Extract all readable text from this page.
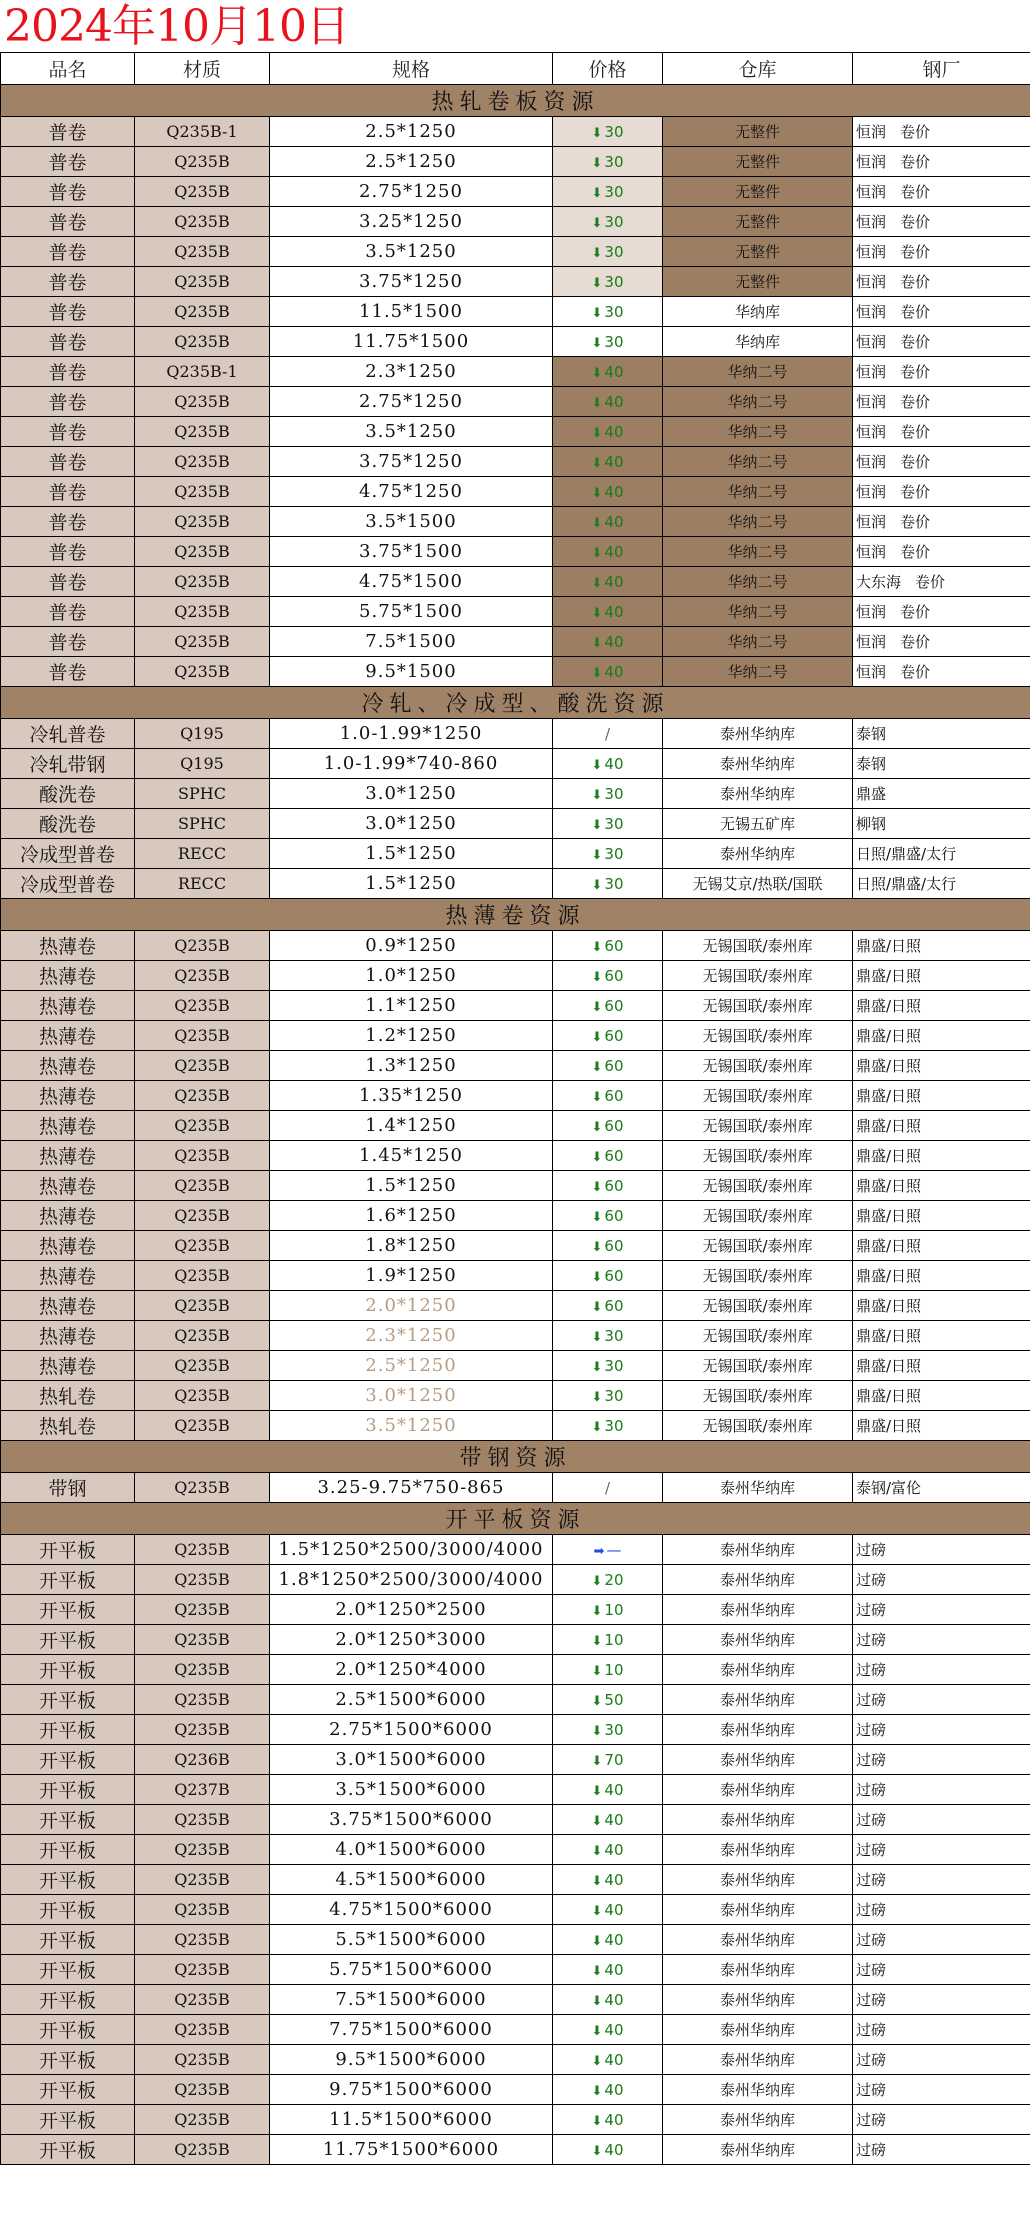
2024年10月10日
品名	材质	规格	价格	仓库	钢厂
热轧卷板资源					
普卷	Q235B-1	2.5*1250	⬇ 30	无整件	恒润 卷价
普卷	Q235B	2.5*1250	⬇ 30	无整件	恒润 卷价
普卷	Q235B	2.75*1250	⬇ 30	无整件	恒润 卷价
普卷	Q235B	3.25*1250	⬇ 30	无整件	恒润 卷价
普卷	Q235B	3.5*1250	⬇ 30	无整件	恒润 卷价
普卷	Q235B	3.75*1250	⬇ 30	无整件	恒润 卷价
普卷	Q235B	11.5*1500	⬇ 30	华纳库	恒润 卷价
普卷	Q235B	11.75*1500	⬇ 30	华纳库	恒润 卷价
普卷	Q235B-1	2.3*1250	⬇ 40	华纳二号	恒润 卷价
普卷	Q235B	2.75*1250	⬇ 40	华纳二号	恒润 卷价
普卷	Q235B	3.5*1250	⬇ 40	华纳二号	恒润 卷价
普卷	Q235B	3.75*1250	⬇ 40	华纳二号	恒润 卷价
普卷	Q235B	4.75*1250	⬇ 40	华纳二号	恒润 卷价
普卷	Q235B	3.5*1500	⬇ 40	华纳二号	恒润 卷价
普卷	Q235B	3.75*1500	⬇ 40	华纳二号	恒润 卷价
普卷	Q235B	4.75*1500	⬇ 40	华纳二号	大东海 卷价
普卷	Q235B	5.75*1500	⬇ 40	华纳二号	恒润 卷价
普卷	Q235B	7.5*1500	⬇ 40	华纳二号	恒润 卷价
普卷	Q235B	9.5*1500	⬇ 40	华纳二号	恒润 卷价
冷轧、冷成型、酸洗资源					
冷轧普卷	Q195	1.0-1.99*1250	/	泰州华纳库	泰钢
冷轧带钢	Q195	1.0-1.99*740-860	⬇ 40	泰州华纳库	泰钢
酸洗卷	SPHC	3.0*1250	⬇ 30	泰州华纳库	鼎盛
酸洗卷	SPHC	3.0*1250	⬇ 30	无锡五矿库	柳钢
冷成型普卷	RECC	1.5*1250	⬇ 30	泰州华纳库	日照/鼎盛/太行
冷成型普卷	RECC	1.5*1250	⬇ 30	无锡艾京/热联/国联	日照/鼎盛/太行
热薄卷资源					
热薄卷	Q235B	0.9*1250	⬇ 60	无锡国联/泰州库	鼎盛/日照
热薄卷	Q235B	1.0*1250	⬇ 60	无锡国联/泰州库	鼎盛/日照
热薄卷	Q235B	1.1*1250	⬇ 60	无锡国联/泰州库	鼎盛/日照
热薄卷	Q235B	1.2*1250	⬇ 60	无锡国联/泰州库	鼎盛/日照
热薄卷	Q235B	1.3*1250	⬇ 60	无锡国联/泰州库	鼎盛/日照
热薄卷	Q235B	1.35*1250	⬇ 60	无锡国联/泰州库	鼎盛/日照
热薄卷	Q235B	1.4*1250	⬇ 60	无锡国联/泰州库	鼎盛/日照
热薄卷	Q235B	1.45*1250	⬇ 60	无锡国联/泰州库	鼎盛/日照
热薄卷	Q235B	1.5*1250	⬇ 60	无锡国联/泰州库	鼎盛/日照
热薄卷	Q235B	1.6*1250	⬇ 60	无锡国联/泰州库	鼎盛/日照
热薄卷	Q235B	1.8*1250	⬇ 60	无锡国联/泰州库	鼎盛/日照
热薄卷	Q235B	1.9*1250	⬇ 60	无锡国联/泰州库	鼎盛/日照
热薄卷	Q235B	2.0*1250	⬇ 60	无锡国联/泰州库	鼎盛/日照
热薄卷	Q235B	2.3*1250	⬇ 30	无锡国联/泰州库	鼎盛/日照
热薄卷	Q235B	2.5*1250	⬇ 30	无锡国联/泰州库	鼎盛/日照
热轧卷	Q235B	3.0*1250	⬇ 30	无锡国联/泰州库	鼎盛/日照
热轧卷	Q235B	3.5*1250	⬇ 30	无锡国联/泰州库	鼎盛/日照
带钢资源					
带钢	Q235B	3.25-9.75*750-865	/	泰州华纳库	泰钢/富伦
开平板资源					
开平板	Q235B	1.5*1250*2500/3000/4000	➡ —	泰州华纳库	过磅
开平板	Q235B	1.8*1250*2500/3000/4000	⬇ 20	泰州华纳库	过磅
开平板	Q235B	2.0*1250*2500	⬇ 10	泰州华纳库	过磅
开平板	Q235B	2.0*1250*3000	⬇ 10	泰州华纳库	过磅
开平板	Q235B	2.0*1250*4000	⬇ 10	泰州华纳库	过磅
开平板	Q235B	2.5*1500*6000	⬇ 50	泰州华纳库	过磅
开平板	Q235B	2.75*1500*6000	⬇ 30	泰州华纳库	过磅
开平板	Q236B	3.0*1500*6000	⬇ 70	泰州华纳库	过磅
开平板	Q237B	3.5*1500*6000	⬇ 40	泰州华纳库	过磅
开平板	Q235B	3.75*1500*6000	⬇ 40	泰州华纳库	过磅
开平板	Q235B	4.0*1500*6000	⬇ 40	泰州华纳库	过磅
开平板	Q235B	4.5*1500*6000	⬇ 40	泰州华纳库	过磅
开平板	Q235B	4.75*1500*6000	⬇ 40	泰州华纳库	过磅
开平板	Q235B	5.5*1500*6000	⬇ 40	泰州华纳库	过磅
开平板	Q235B	5.75*1500*6000	⬇ 40	泰州华纳库	过磅
开平板	Q235B	7.5*1500*6000	⬇ 40	泰州华纳库	过磅
开平板	Q235B	7.75*1500*6000	⬇ 40	泰州华纳库	过磅
开平板	Q235B	9.5*1500*6000	⬇ 40	泰州华纳库	过磅
开平板	Q235B	9.75*1500*6000	⬇ 40	泰州华纳库	过磅
开平板	Q235B	11.5*1500*6000	⬇ 40	泰州华纳库	过磅
开平板	Q235B	11.75*1500*6000	⬇ 40	泰州华纳库	过磅
